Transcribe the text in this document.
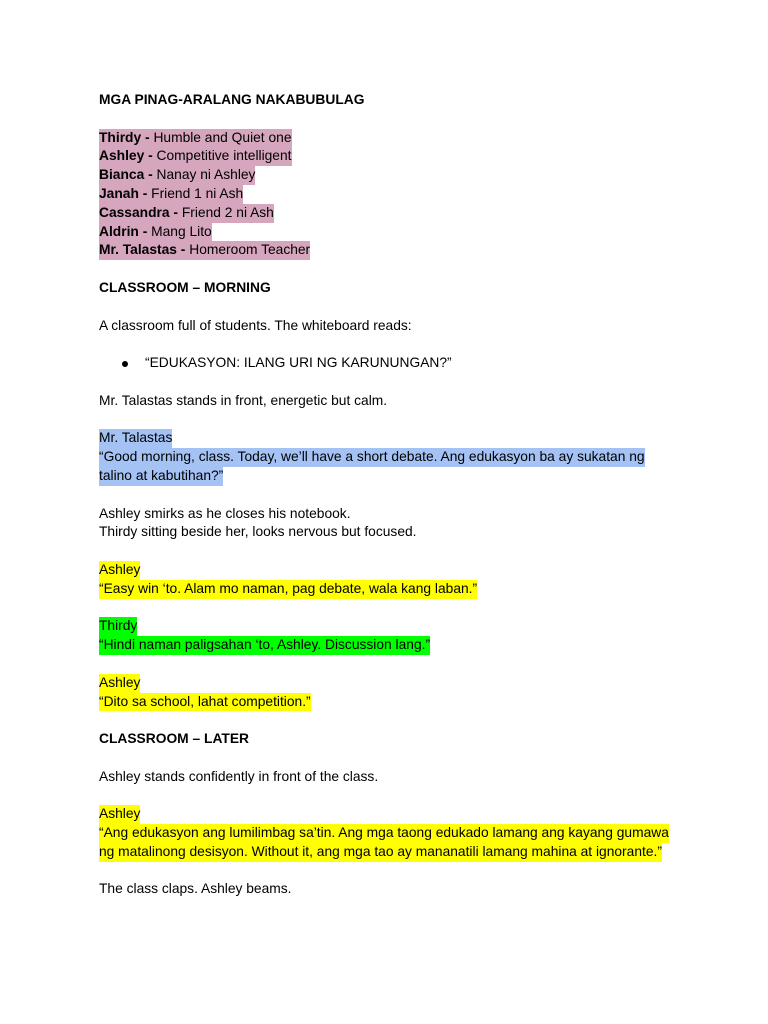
MGA PINAG-ARALANG NAKABUBULAG
Thirdy - Humble and Quiet one
Ashley - Competitive intelligent
Bianca - Nanay ni Ashley
Janah - Friend 1 ni Ash
Cassandra - Friend 2 ni Ash
Aldrin - Mang Lito
Mr. Talastas - Homeroom Teacher
CLASSROOM – MORNING
A classroom full of students. The whiteboard reads:
“EDUKASYON: ILANG URI NG KARUNUNGAN?”
Mr. Talastas stands in front, energetic but calm.
Mr. Talastas
“Good morning, class. Today, we’ll have a short debate. Ang edukasyon ba ay sukatan ng
talino at kabutihan?”
Ashley smirks as he closes his notebook.
Thirdy sitting beside her, looks nervous but focused.
Ashley
“Easy win ‘to. Alam mo naman, pag debate, wala kang laban.”
Thirdy
“Hindi naman paligsahan ‘to, Ashley. Discussion lang.”
Ashley
“Dito sa school, lahat competition.”
CLASSROOM – LATER
Ashley stands confidently in front of the class.
Ashley
“Ang edukasyon ang lumilimbag sa’tin. Ang mga taong edukado lamang ang kayang gumawa
ng matalinong desisyon. Without it, ang mga tao ay mananatili lamang mahina at ignorante.”
The class claps. Ashley beams.
